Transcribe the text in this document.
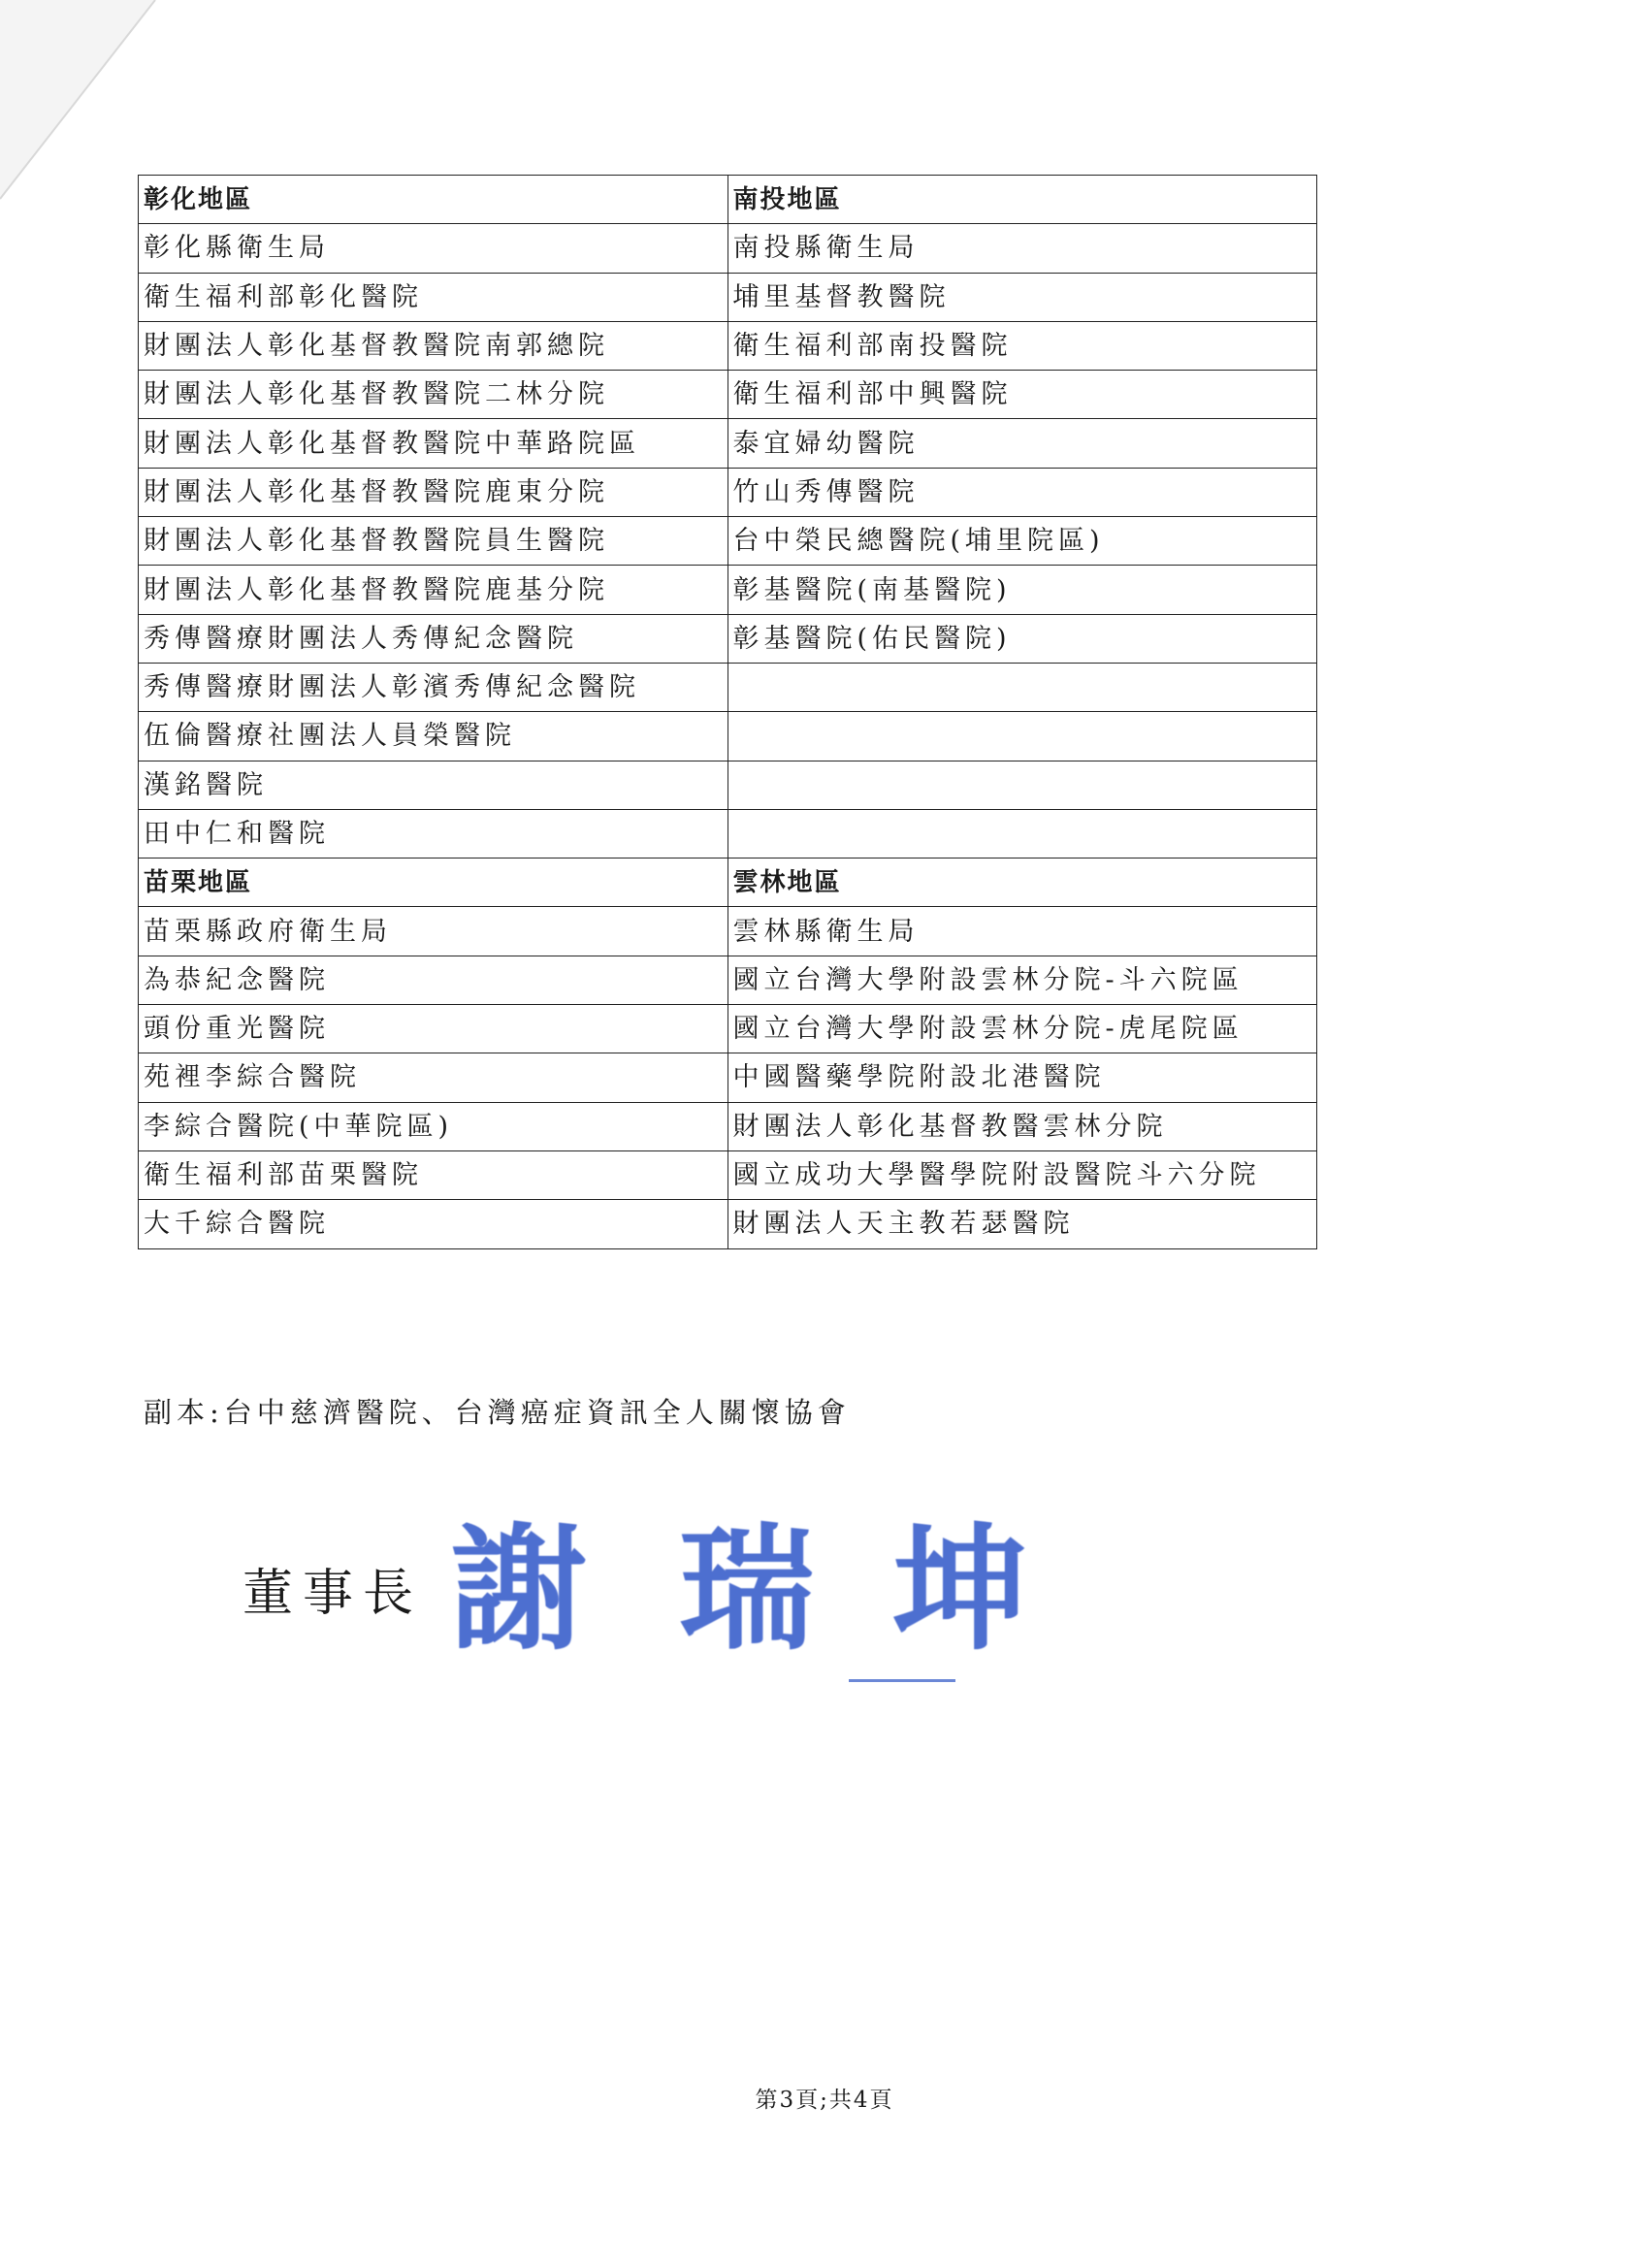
彰化地區	南投地區
彰化縣衛生局	南投縣衛生局
衛生福利部彰化醫院	埔里基督教醫院
財團法人彰化基督教醫院南郭總院	衛生福利部南投醫院
財團法人彰化基督教醫院二林分院	衛生福利部中興醫院
財團法人彰化基督教醫院中華路院區	泰宜婦幼醫院
財團法人彰化基督教醫院鹿東分院	竹山秀傳醫院
財團法人彰化基督教醫院員生醫院	台中榮民總醫院(埔里院區)
財團法人彰化基督教醫院鹿基分院	彰基醫院(南基醫院)
秀傳醫療財團法人秀傳紀念醫院	彰基醫院(佑民醫院)
秀傳醫療財團法人彰濱秀傳紀念醫院	
伍倫醫療社團法人員榮醫院	
漢銘醫院	
田中仁和醫院	
苗栗地區	雲林地區
苗栗縣政府衛生局	雲林縣衛生局
為恭紀念醫院	國立台灣大學附設雲林分院-斗六院區
頭份重光醫院	國立台灣大學附設雲林分院-虎尾院區
苑裡李綜合醫院	中國醫藥學院附設北港醫院
李綜合醫院(中華院區)	財團法人彰化基督教醫雲林分院
衛生福利部苗栗醫院	國立成功大學醫學院附設醫院斗六分院
大千綜合醫院	財團法人天主教若瑟醫院
副本:台中慈濟醫院、台灣癌症資訊全人關懷協會
董事長 謝 瑞 坤
第3頁;共4頁
